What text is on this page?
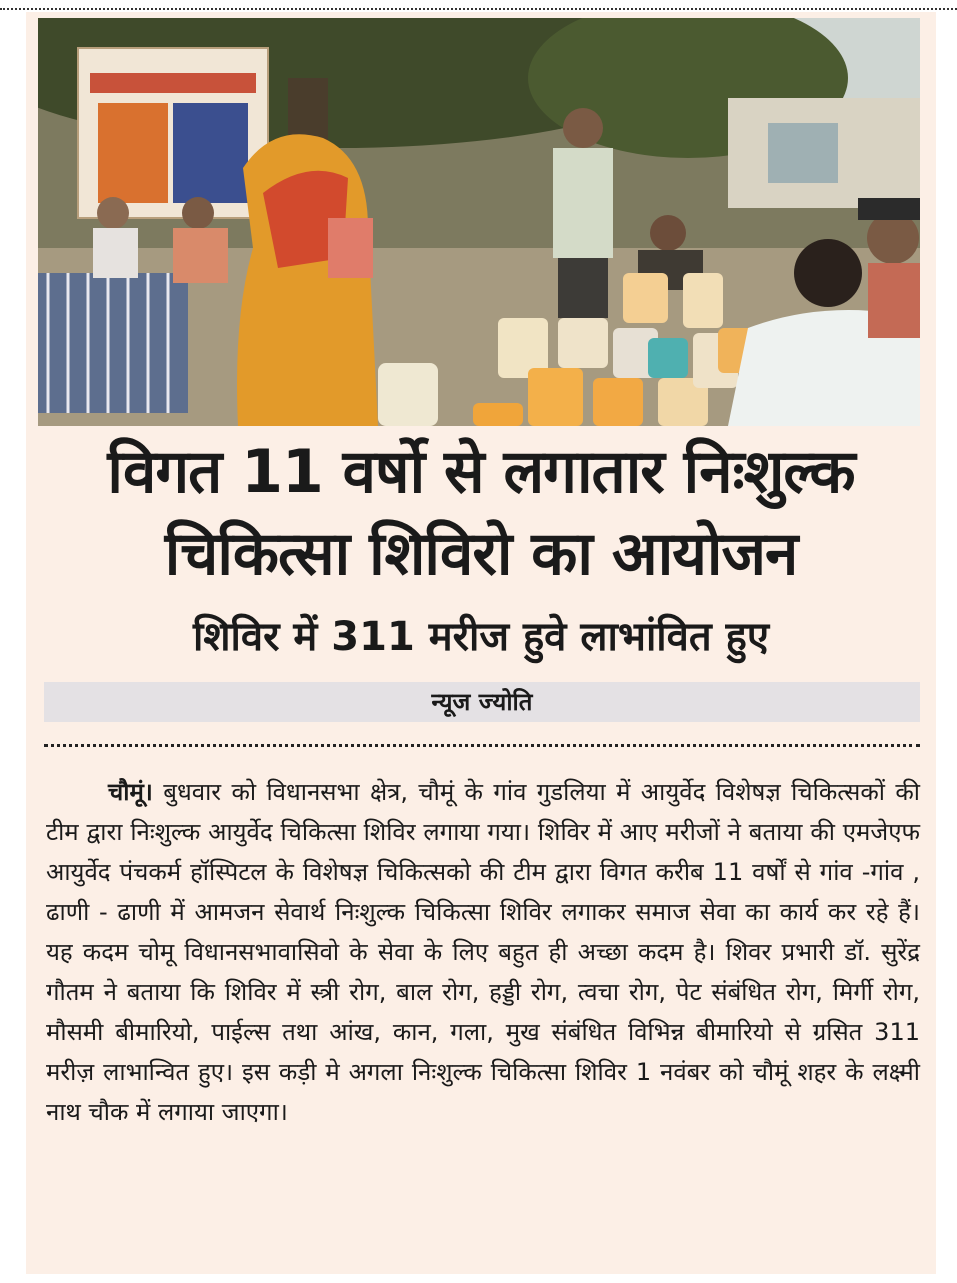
विगत 11 वर्षो से लगातार निःशुल्क
चिकित्सा शिविरो का आयोजन
शिविर में 311 मरीज हुवे लाभांवित हुए
न्यूज ज्योति

चौमूं। बुधवार को विधानसभा क्षेत्र, चौमूं के गांव गुडलिया में आयुर्वेद विशेषज्ञ चिकित्सकों की टीम द्वारा निःशुल्क आयुर्वेद चिकित्सा शिविर लगाया गया। शिविर में आए मरीजों ने बताया की एमजेएफ आयुर्वेद पंचकर्म हॉस्पिटल के विशेषज्ञ चिकित्सको की टीम द्वारा विगत करीब 11 वर्षों से गांव -गांव , ढाणी - ढाणी में आमजन सेवार्थ निःशुल्क चिकित्सा शिविर लगाकर समाज सेवा का कार्य कर रहे हैं। यह कदम चोमू विधानसभावासिवो के सेवा के लिए बहुत ही अच्छा कदम है। शिवर प्रभारी डॉ. सुरेंद्र गौतम ने बताया कि शिविर में स्त्री रोग, बाल रोग, हड्डी रोग, त्वचा रोग, पेट संबंधित रोग, मिर्गी रोग, मौसमी बीमारियो, पाईल्स तथा आंख, कान, गला, मुख संबंधित विभिन्न बीमारियो से ग्रसित 311 मरीज़ लाभान्वित हुए। इस कड़ी मे अगला निःशुल्क चिकित्सा शिविर 1 नवंबर को चौमूं शहर के लक्ष्मी नाथ चौक में लगाया जाएगा।
